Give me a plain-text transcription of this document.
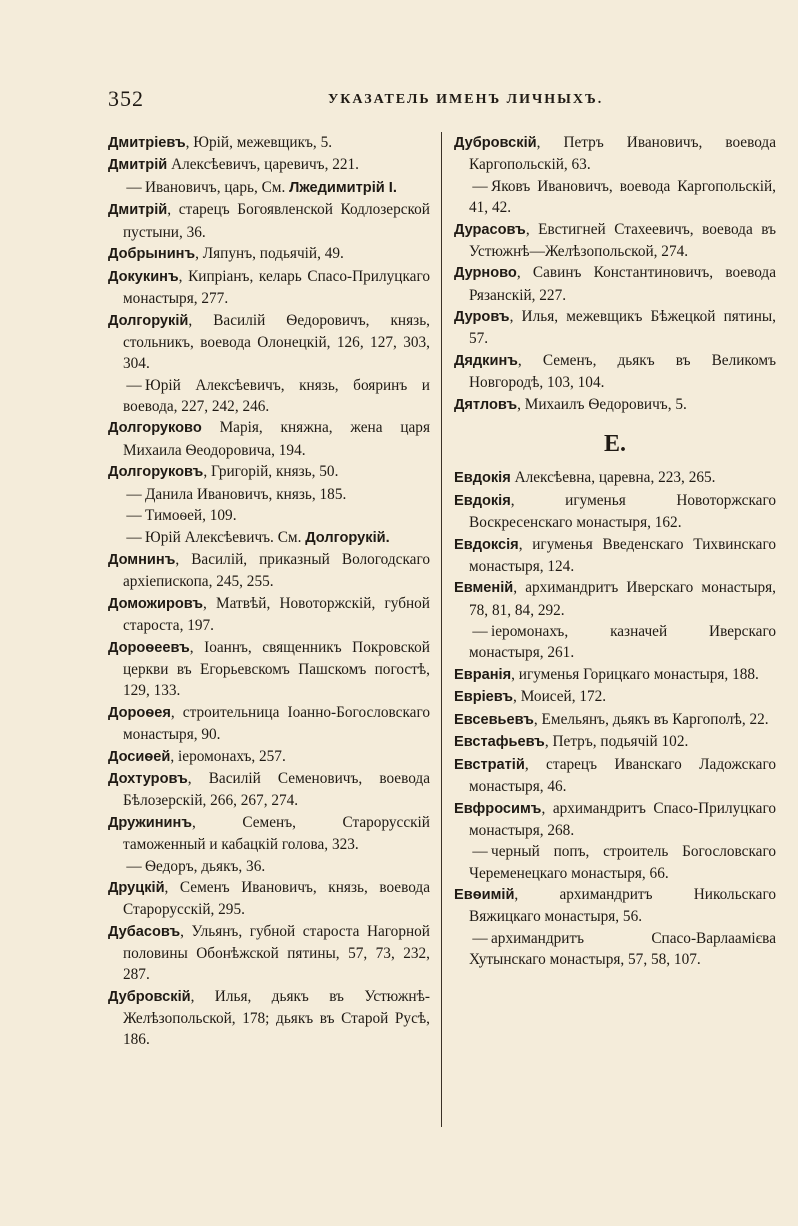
352	УКАЗАТЕЛЬ ИМЕНЪ ЛИЧНЫХЪ.
Дмитріевъ, Юрій, межевщикъ, 5.
Дмитрій Алексѣевичъ, царевичъ, 221.
— Ивановичъ, царь, См. Лжедимитрій I.
Дмитрій, старецъ Богоявленской Кодлозерской пустыни, 36.
Добрынинъ, Ляпунъ, подьячій, 49.
Докукинъ, Кипріанъ, келарь Спасо-Прилуцкаго монастыря, 277.
Долгорукій, Василій Ѳедоровичъ, князь, стольникъ, воевода Олонецкій, 126, 127, 303, 304.
— Юрій Алексѣевичъ, князь, бояринъ и воевода, 227, 242, 246.
Долгоруково Марія, княжна, жена царя Михаила Ѳеодоровича, 194.
Долгоруковъ, Григорій, князь, 50.
— Данила Ивановичъ, князь, 185.
— Тимоѳей, 109.
— Юрій Алексѣевичъ. См. Долгорукій.
Домнинъ, Василій, приказный Вологодскаго архіепископа, 245, 255.
Доможировъ, Матвѣй, Новоторжскій, губной староста, 197.
Дороѳеевъ, Іоаннъ, священникъ Покровской церкви въ Егорьевскомъ Пашскомъ погостѣ, 129, 133.
Дороѳея, строительница Іоанно-Богословскаго монастыря, 90.
Досиѳей, іеромонахъ, 257.
Дохтуровъ, Василій Семеновичъ, воевода Бѣлозерскій, 266, 267, 274.
Дружининъ, Семенъ, Старорусскій таможенный и кабацкій голова, 323.
— Ѳедоръ, дьякъ, 36.
Друцкій, Семенъ Ивановичъ, князь, воевода Старорусскій, 295.
Дубасовъ, Ульянъ, губной староста Нагорной половины Обонѣжской пятины, 57, 73, 232, 287.
Дубровскій, Илья, дьякъ въ Устюжнѣ-Желѣзопольской, 178; дьякъ въ Старой Русѣ, 186.
Дубровскій, Петръ Ивановичъ, воевода Каргопольскій, 63.
— Яковъ Ивановичъ, воевода Каргопольскій, 41, 42.
Дурасовъ, Евстигней Стахеевичъ, воевода въ Устюжнѣ—Желѣзопольской, 274.
Дурново, Савинъ Константиновичъ, воевода Рязанскій, 227.
Дуровъ, Илья, межевщикъ Бѣжецкой пятины, 57.
Дядкинъ, Семенъ, дьякъ въ Великомъ Новгородѣ, 103, 104.
Дятловъ, Михаилъ Ѳедоровичъ, 5.
Е.
Евдокія Алексѣевна, царевна, 223, 265.
Евдокія, игуменья Новоторжскаго Воскресенскаго монастыря, 162.
Евдоксія, игуменья Введенскаго Тихвинскаго монастыря, 124.
Евменій, архимандритъ Иверскаго монастыря, 78, 81, 84, 292.
— іеромонахъ, казначей Иверскаго монастыря, 261.
Евранія, игуменья Горицкаго монастыря, 188.
Евріевъ, Моисей, 172.
Евсевьевъ, Емельянъ, дьякъ въ Каргополѣ, 22.
Евстафьевъ, Петръ, подьячій 102.
Евстратій, старецъ Иванскаго Ладожскаго монастыря, 46.
Евфросимъ, архимандритъ Спасо-Прилуцкаго монастыря, 268.
— черный попъ, строитель Богословскаго Череменецкаго монастыря, 66.
Евѳимій, архимандритъ Никольскаго Вяжицкаго монастыря, 56.
— архимандритъ Спасо-Варлаамієва Хутынскаго монастыря, 57, 58, 107.
